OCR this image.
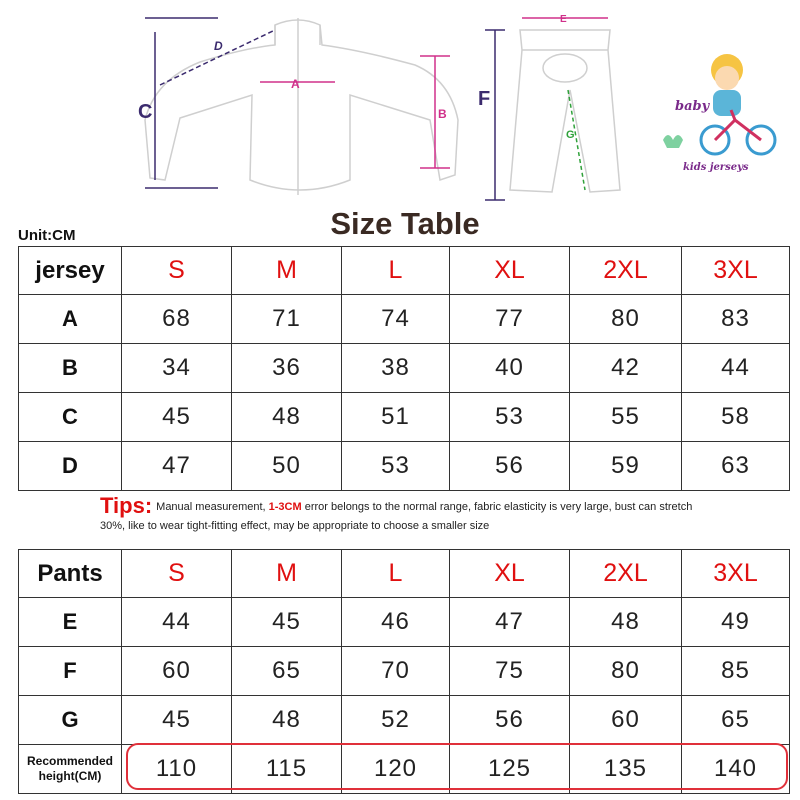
C
D
A
B
F
E
G
baby
kids jerseys
Size Table
Unit:CM
jersey	S	M	L	XL	2XL	3XL
A	68	71	74	77	80	83
B	34	36	38	40	42	44
C	45	48	51	53	55	58
D	47	50	53	56	59	63
Tips: Manual measurement, 1-3CM error belongs to the normal range, fabric elasticity is very large, bust can stretch 30%, like to wear tight-fitting effect, may be appropriate to choose a smaller size
Pants	S	M	L	XL	2XL	3XL
E	44	45	46	47	48	49
F	60	65	70	75	80	85
G	45	48	52	56	60	65
Recommended height(CM)	110	115	120	125	135	140
